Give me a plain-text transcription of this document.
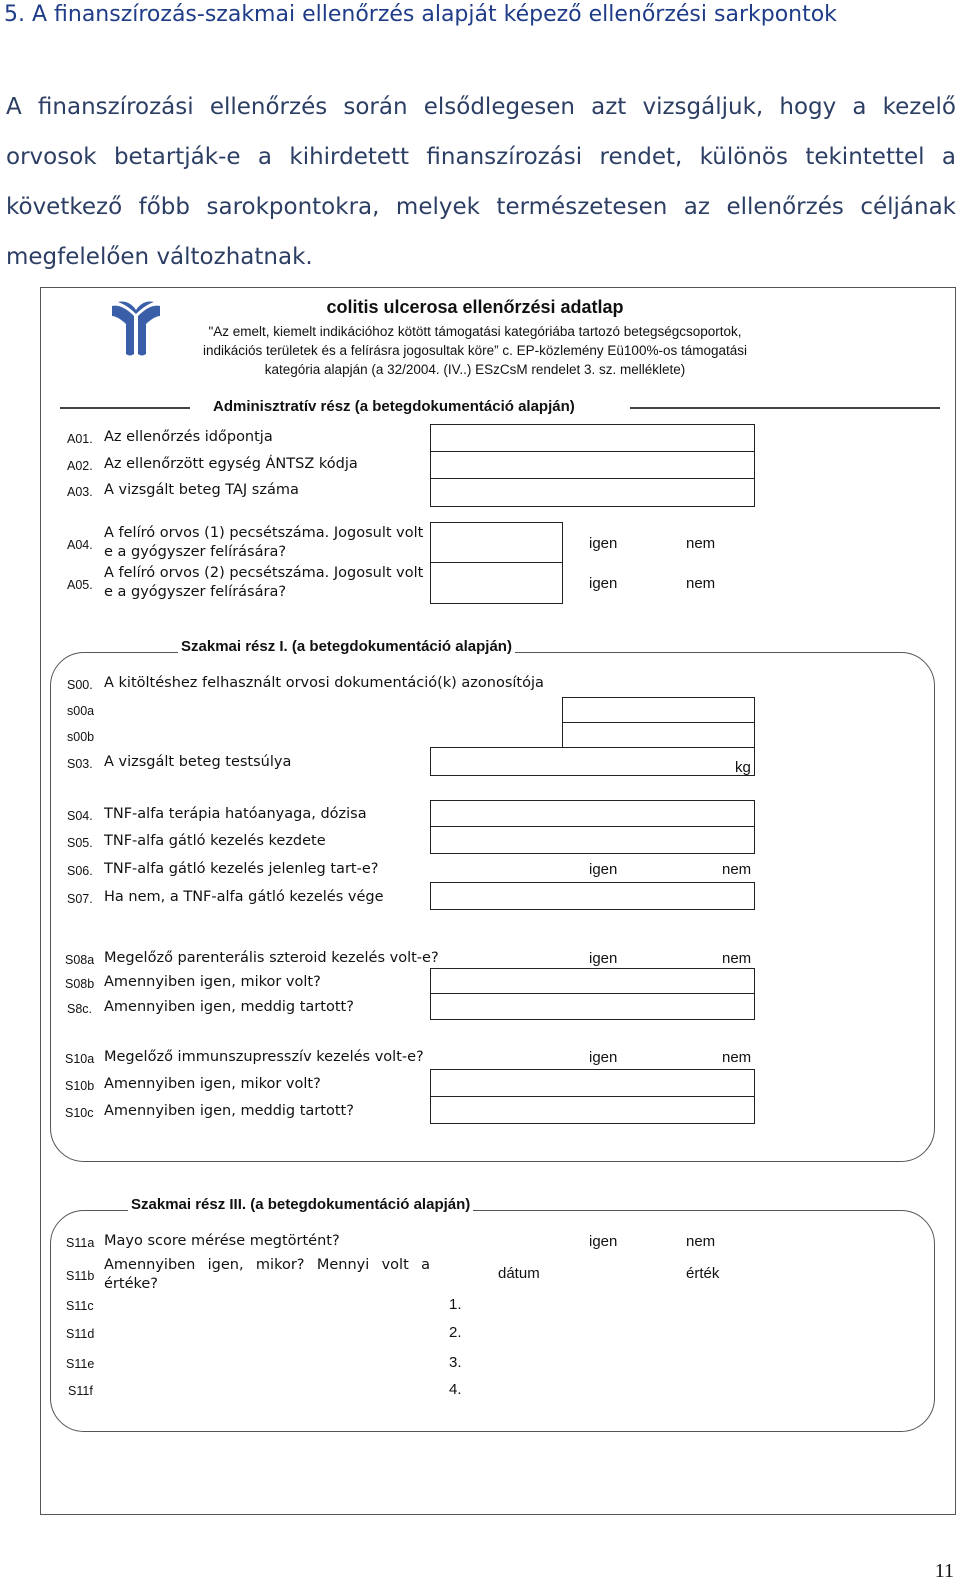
5. A finanszírozás-szakmai ellenőrzés alapját képező ellenőrzési sarkpontok
A finanszírozási ellenőrzés során elsődlegesen azt vizsgáljuk, hogy a kezelő orvosok betartják-e a kihirdetett finanszírozási rendet, különös tekintettel a következő főbb sarokpontokra, melyek természetesen az ellenőrzés céljának megfelelően változhatnak.
colitis ulcerosa ellenőrzési adatlap
"Az emelt, kiemelt indikációhoz kötött támogatási kategóriába tartozó betegségcsoportok, indikációs területek és a felírásra jogosultak köre” c. EP-közlemény Eü100%-os támogatási kategória alapján (a 32/2004. (IV..) ESzCsM rendelet 3. sz. melléklete)
Adminisztratív rész (a betegdokumentáció alapján)
A01. Az ellenőrzés időpontja
A02. Az ellenőrzött egység ÁNTSZ kódja
A03. A vizsgált beteg TAJ száma
A04.
A felíró orvos (1) pecsétszáma. Jogosult volt e a gyógyszer felírására?	igen	nem
A05.
A felíró orvos (2) pecsétszáma. Jogosult volt e a gyógyszer felírására?	igen	nem
Szakmai rész I. (a betegdokumentáció alapján)
S00. A kitöltéshez felhasznált orvosi dokumentáció(k) azonosítója
s00a
s00b
S03. A vizsgált beteg testsúlya	kg
S04. TNF-alfa terápia hatóanyaga, dózisa
S05. TNF-alfa gátló kezelés kezdete
S06. TNF-alfa gátló kezelés jelenleg tart-e?	igen	nem
S07. Ha nem, a TNF-alfa gátló kezelés vége
S08a Megelőző parenterális szteroid kezelés volt-e?	igen	nem
S08b Amennyiben igen, mikor volt?
S8c. Amennyiben igen, meddig tartott?
S10a Megelőző immunszupresszív kezelés volt-e?	igen	nem
S10b Amennyiben igen, mikor volt?
S10c Amennyiben igen, meddig tartott?
Szakmai rész III. (a betegdokumentáció alapján)
S11a Mayo score mérése megtörtént?	igen	nem
S11b
Amennyiben igen, mikor? Mennyi volt a értéke?
dátum	érték
S11c	1.
S11d	2.
S11e	3.
S11f	4.
11
